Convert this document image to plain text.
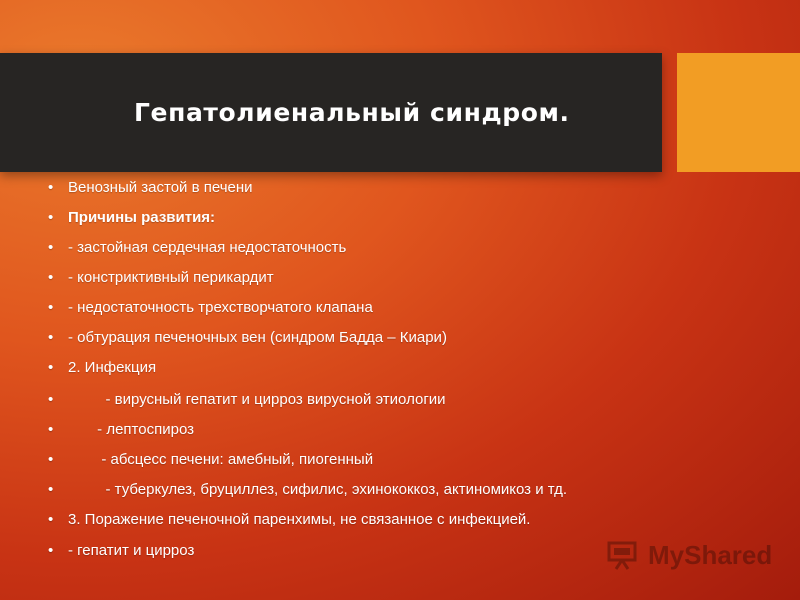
Гепатолиенальный синдром.
• Венозный застой в печени
• Причины развития:
• - застойная сердечная недостаточность
• - констриктивный перикардит
• - недостаточность трехстворчатого клапана
• - обтурация печеночных вен (синдром Бадда – Киари)
• 2. Инфекция
•         - вирусный гепатит и цирроз вирусной этиологии
•       - лептоспироз
•        - абсцесс печени: амебный, пиогенный
•         - туберкулез, бруциллез, сифилис, эхинококкоз, актиномикоз и тд.
• 3. Поражение печеночной паренхимы, не связанное с инфекцией.
• - гепатит и цирроз	MyShared
